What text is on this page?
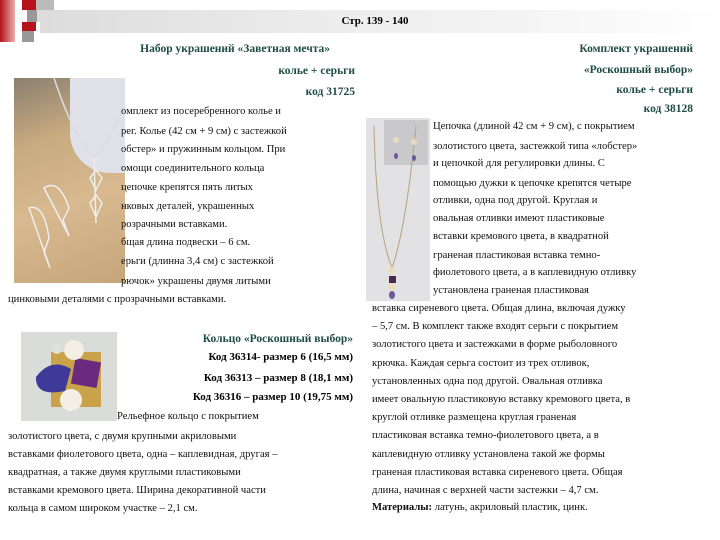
Стр. 139 - 140
Набор украшений «Заветная мечта»
колье + серьги
код 31725
омплект из посеребренного колье и
рег. Колье (42 см + 9 см) с застежкой
обстер» и пружинным кольцом. При
омощи соединительного кольца
цепочке крепятся пять литых
нковых деталей, украшенных
розрачными вставками.
бщая длина подвески – 6 см.
ерьги (длинна 3,4 см) с застежкой
рючок» украшены двумя литыми
цинковыми деталями с прозрачными вставками.
Кольцо «Роскошный выбор»
Код 36314- размер 6 (16,5 мм)
Код 36313 – размер 8 (18,1 мм)
Код 36316 – размер 10 (19,75 мм)
Рельефное кольцо с покрытием
золотистого цвета, с двумя крупными акриловыми
вставками фиолетового цвета, одна – каплевидная, другая –
квадратная, а также двумя круглыми пластиковыми
вставками кремового цвета. Ширина декоративной части
кольца в самом широком участке – 2,1 см.
Комплект украшений
«Роскошный выбор»
колье + серьги
код 38128
Цепочка (длиной 42 см + 9 см), с покрытием
золотистого цвета, застежкой типа «лобстер»
и цепочкой для регулировки длины. С
помощью дужки к цепочке крепятся четыре
отливки, одна под другой. Круглая и
овальная отливки имеют пластиковые
вставки кремового цвета, в квадратной
граненая пластиковая вставка темно-
фиолетового цвета, а в каплевидную отливку
установлена граненая пластиковая
вставка сиреневого цвета. Общая длина, включая дужку
– 5,7 см. В комплект также входят серьги с покрытием
золотистого цвета и застежками в форме рыболовного
крючка. Каждая серьга состоит из трех отливок,
установленных одна под другой. Овальная отливка
имеет овальную пластиковую вставку кремового цвета, в
круглой отливке размещена круглая граненая
пластиковая вставка темно-фиолетового цвета, а в
каплевидную отливку установлена такой же формы
граненая пластиковая вставка сиреневого цвета. Общая
длина, начиная с верхней части застежки – 4,7 см.
Материалы: латунь, акриловый пластик, цинк.
